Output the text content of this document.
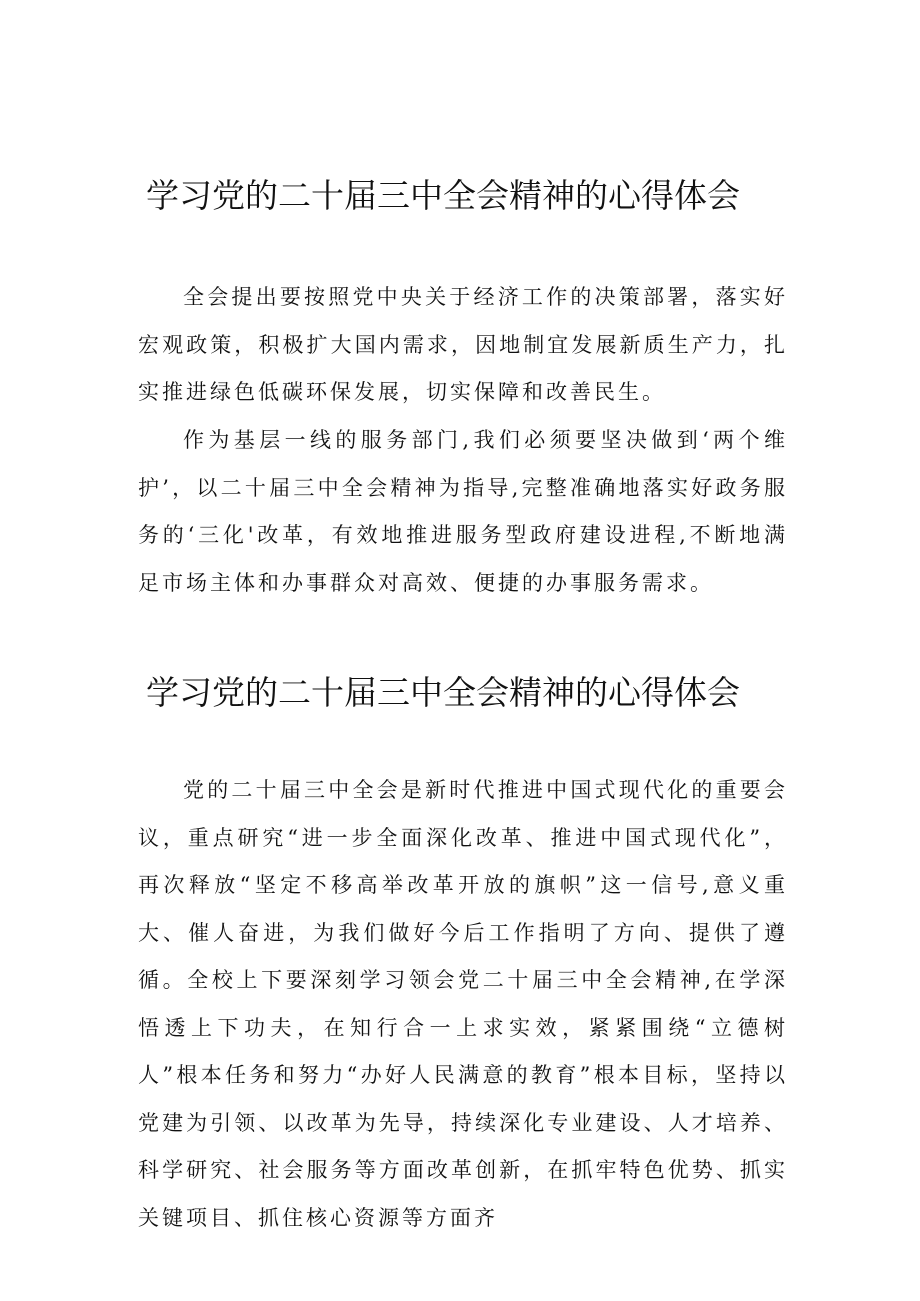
学习党的二十届三中全会精神的心得体会

全会提出要按照党中央关于经济工作的决策部署，落实好宏观政策，积极扩大国内需求，因地制宜发展新质生产力，扎实推进绿色低碳环保发展，切实保障和改善民生。

作为基层一线的服务部门,我们必须要坚决做到‘两个维护’，以二十届三中全会精神为指导,完整准确地落实好政务服务的‘三化'改革，有效地推进服务型政府建设进程,不断地满足市场主体和办事群众对高效、便捷的办事服务需求。

学习党的二十届三中全会精神的心得体会

党的二十届三中全会是新时代推进中国式现代化的重要会议，重点研究“进一步全面深化改革、推进中国式现代化”，再次释放“坚定不移高举改革开放的旗帜”这一信号,意义重大、催人奋进，为我们做好今后工作指明了方向、提供了遵循。全校上下要深刻学习领会党二十届三中全会精神,在学深悟透上下功夫，在知行合一上求实效，紧紧围绕“立德树人”根本任务和努力“办好人民满意的教育”根本目标，坚持以党建为引领、以改革为先导，持续深化专业建设、人才培养、科学研究、社会服务等方面改革创新，在抓牢特色优势、抓实关键项目、抓住核心资源等方面齐
